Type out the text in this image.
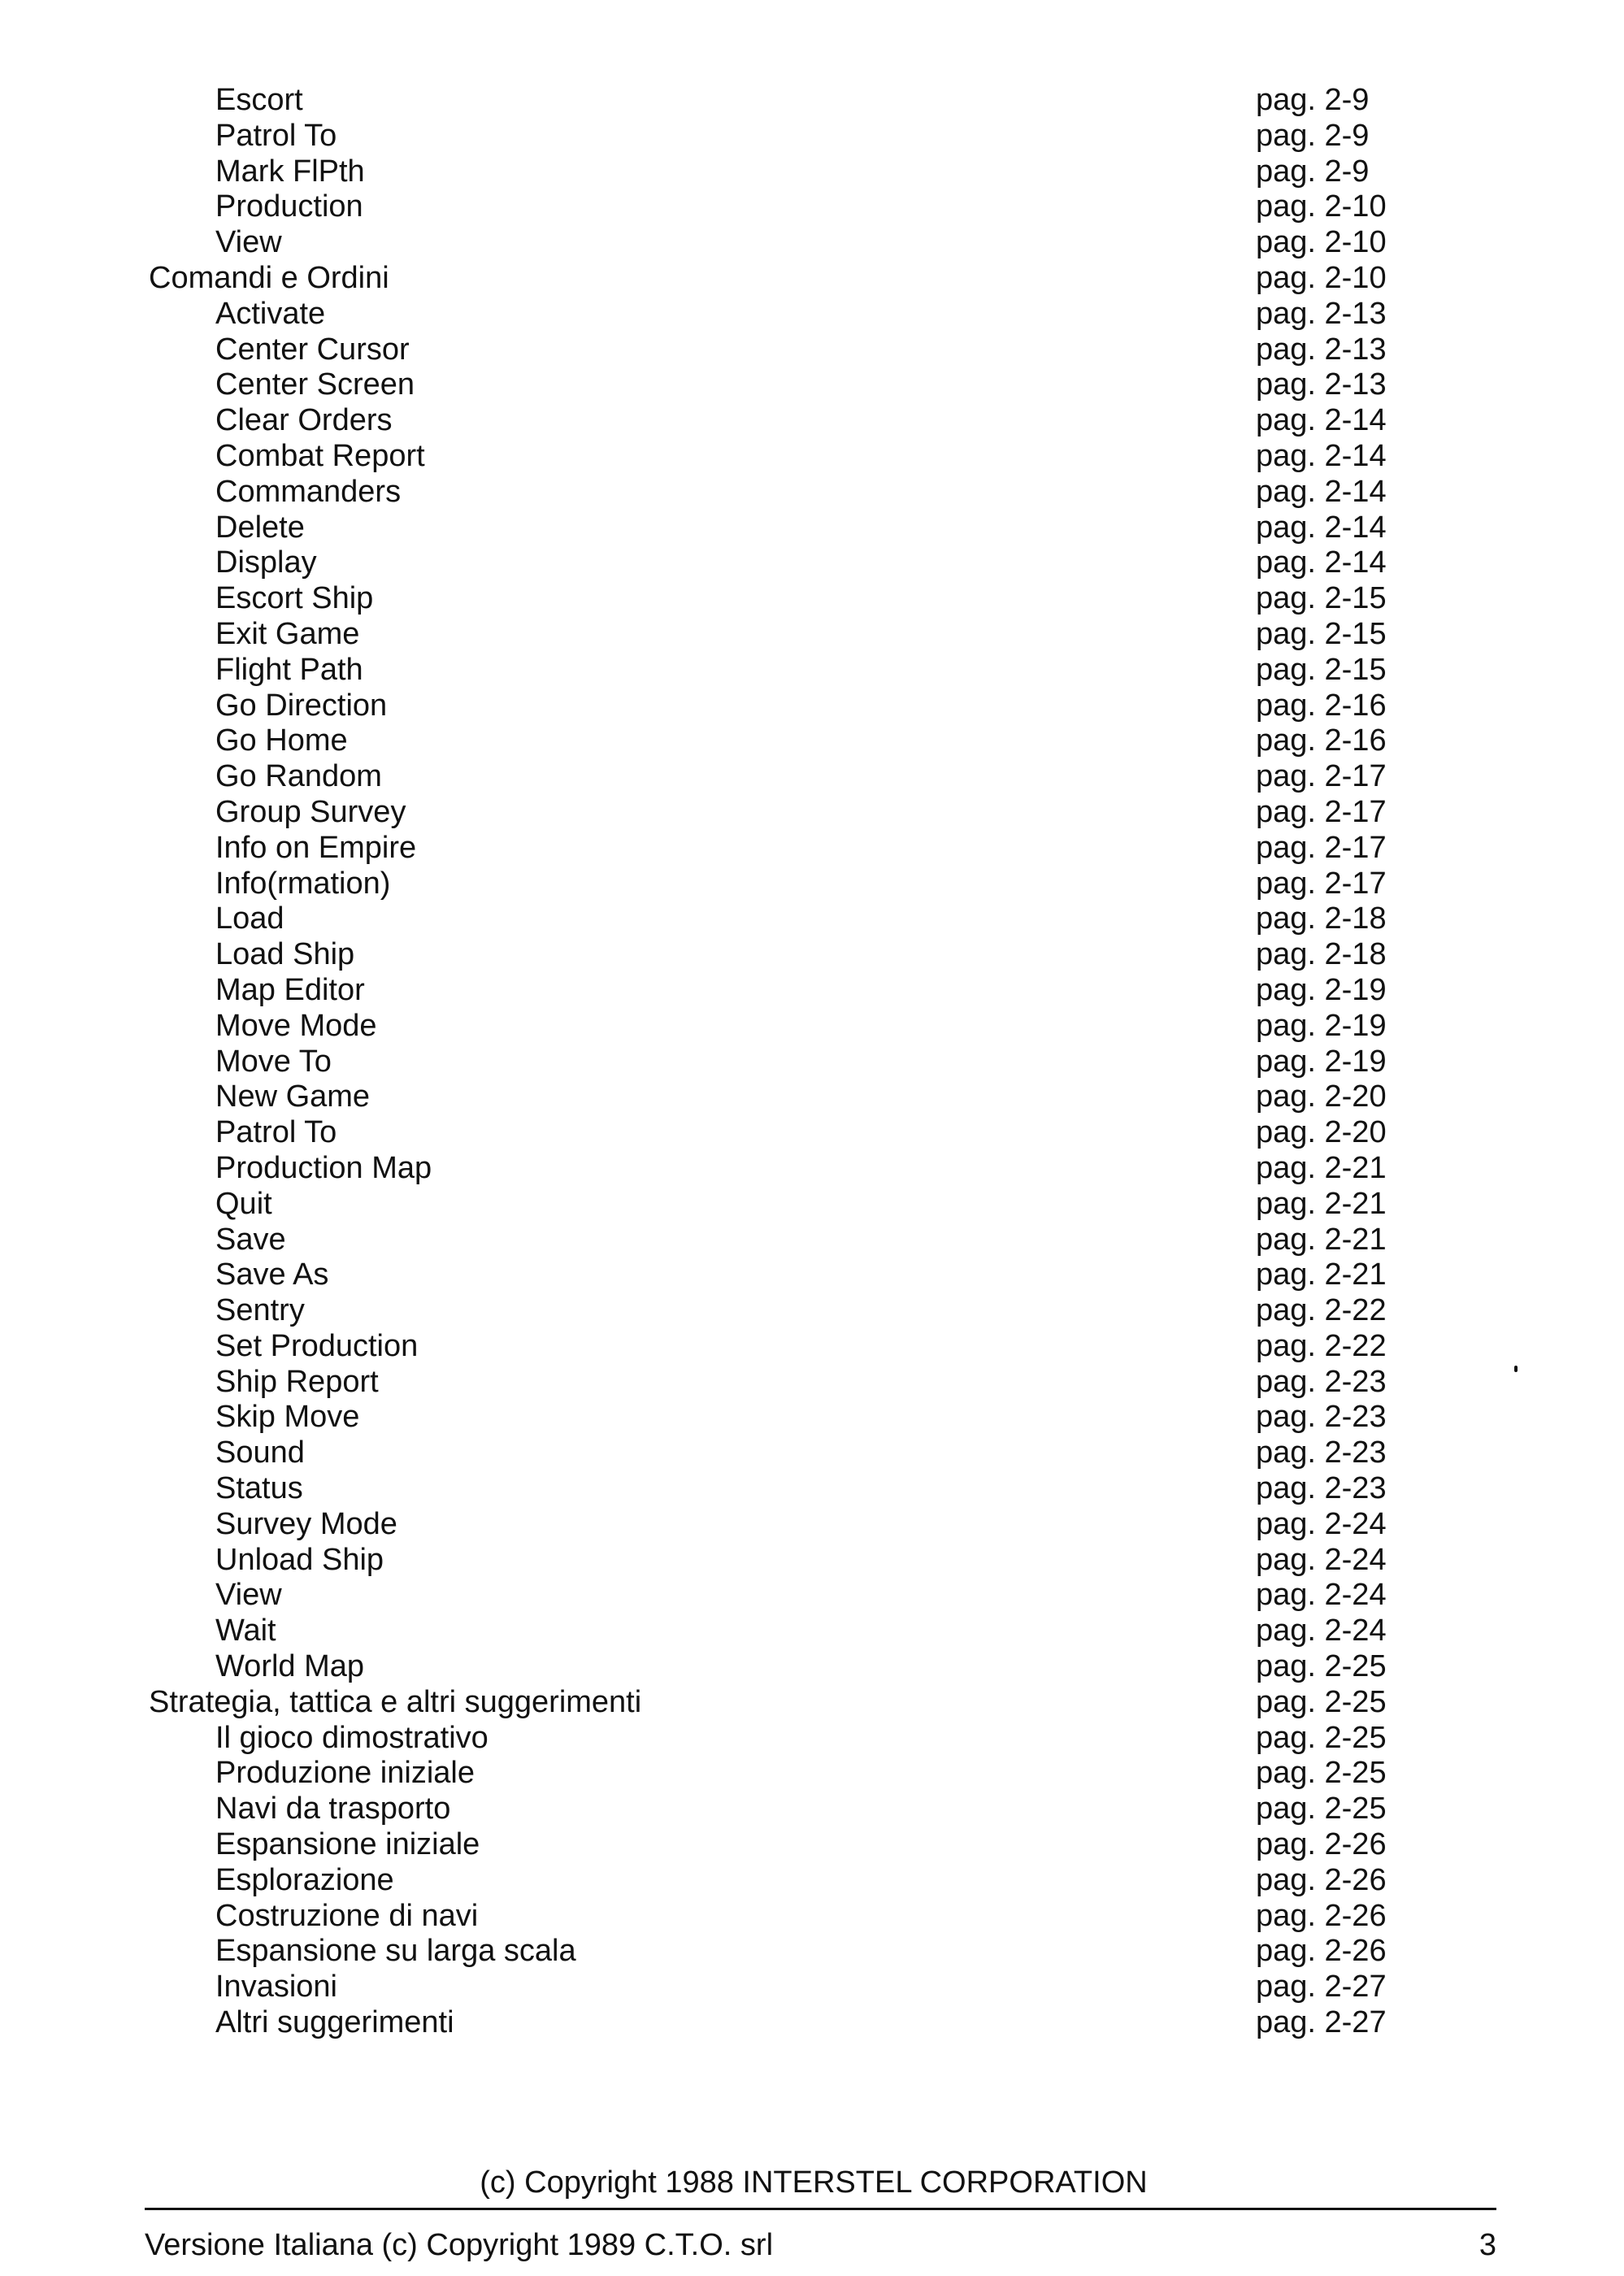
Escort	pag. 2-9
Patrol To	pag. 2-9
Mark FlPth	pag. 2-9
Production	pag. 2-10
View	pag. 2-10
Comandi e Ordini	pag. 2-10
Activate	pag. 2-13
Center Cursor	pag. 2-13
Center Screen	pag. 2-13
Clear Orders	pag. 2-14
Combat Report	pag. 2-14
Commanders	pag. 2-14
Delete	pag. 2-14
Display	pag. 2-14
Escort Ship	pag. 2-15
Exit Game	pag. 2-15
Flight Path	pag. 2-15
Go Direction	pag. 2-16
Go Home	pag. 2-16
Go Random	pag. 2-17
Group Survey	pag. 2-17
Info on Empire	pag. 2-17
Info(rmation)	pag. 2-17
Load	pag. 2-18
Load Ship	pag. 2-18
Map Editor	pag. 2-19
Move Mode	pag. 2-19
Move To	pag. 2-19
New Game	pag. 2-20
Patrol To	pag. 2-20
Production Map	pag. 2-21
Quit	pag. 2-21
Save	pag. 2-21
Save As	pag. 2-21
Sentry	pag. 2-22
Set Production	pag. 2-22
Ship Report	pag. 2-23
Skip Move	pag. 2-23
Sound	pag. 2-23
Status	pag. 2-23
Survey Mode	pag. 2-24
Unload Ship	pag. 2-24
View	pag. 2-24
Wait	pag. 2-24
World Map	pag. 2-25
Strategia, tattica e altri suggerimenti	pag. 2-25
Il gioco dimostrativo	pag. 2-25
Produzione iniziale	pag. 2-25
Navi da trasporto	pag. 2-25
Espansione iniziale	pag. 2-26
Esplorazione	pag. 2-26
Costruzione di navi	pag. 2-26
Espansione su larga scala	pag. 2-26
Invasioni	pag. 2-27
Altri suggerimenti	pag. 2-27
(c) Copyright 1988 INTERSTEL CORPORATION
Versione Italiana (c) Copyright 1989 C.T.O. srl	3
